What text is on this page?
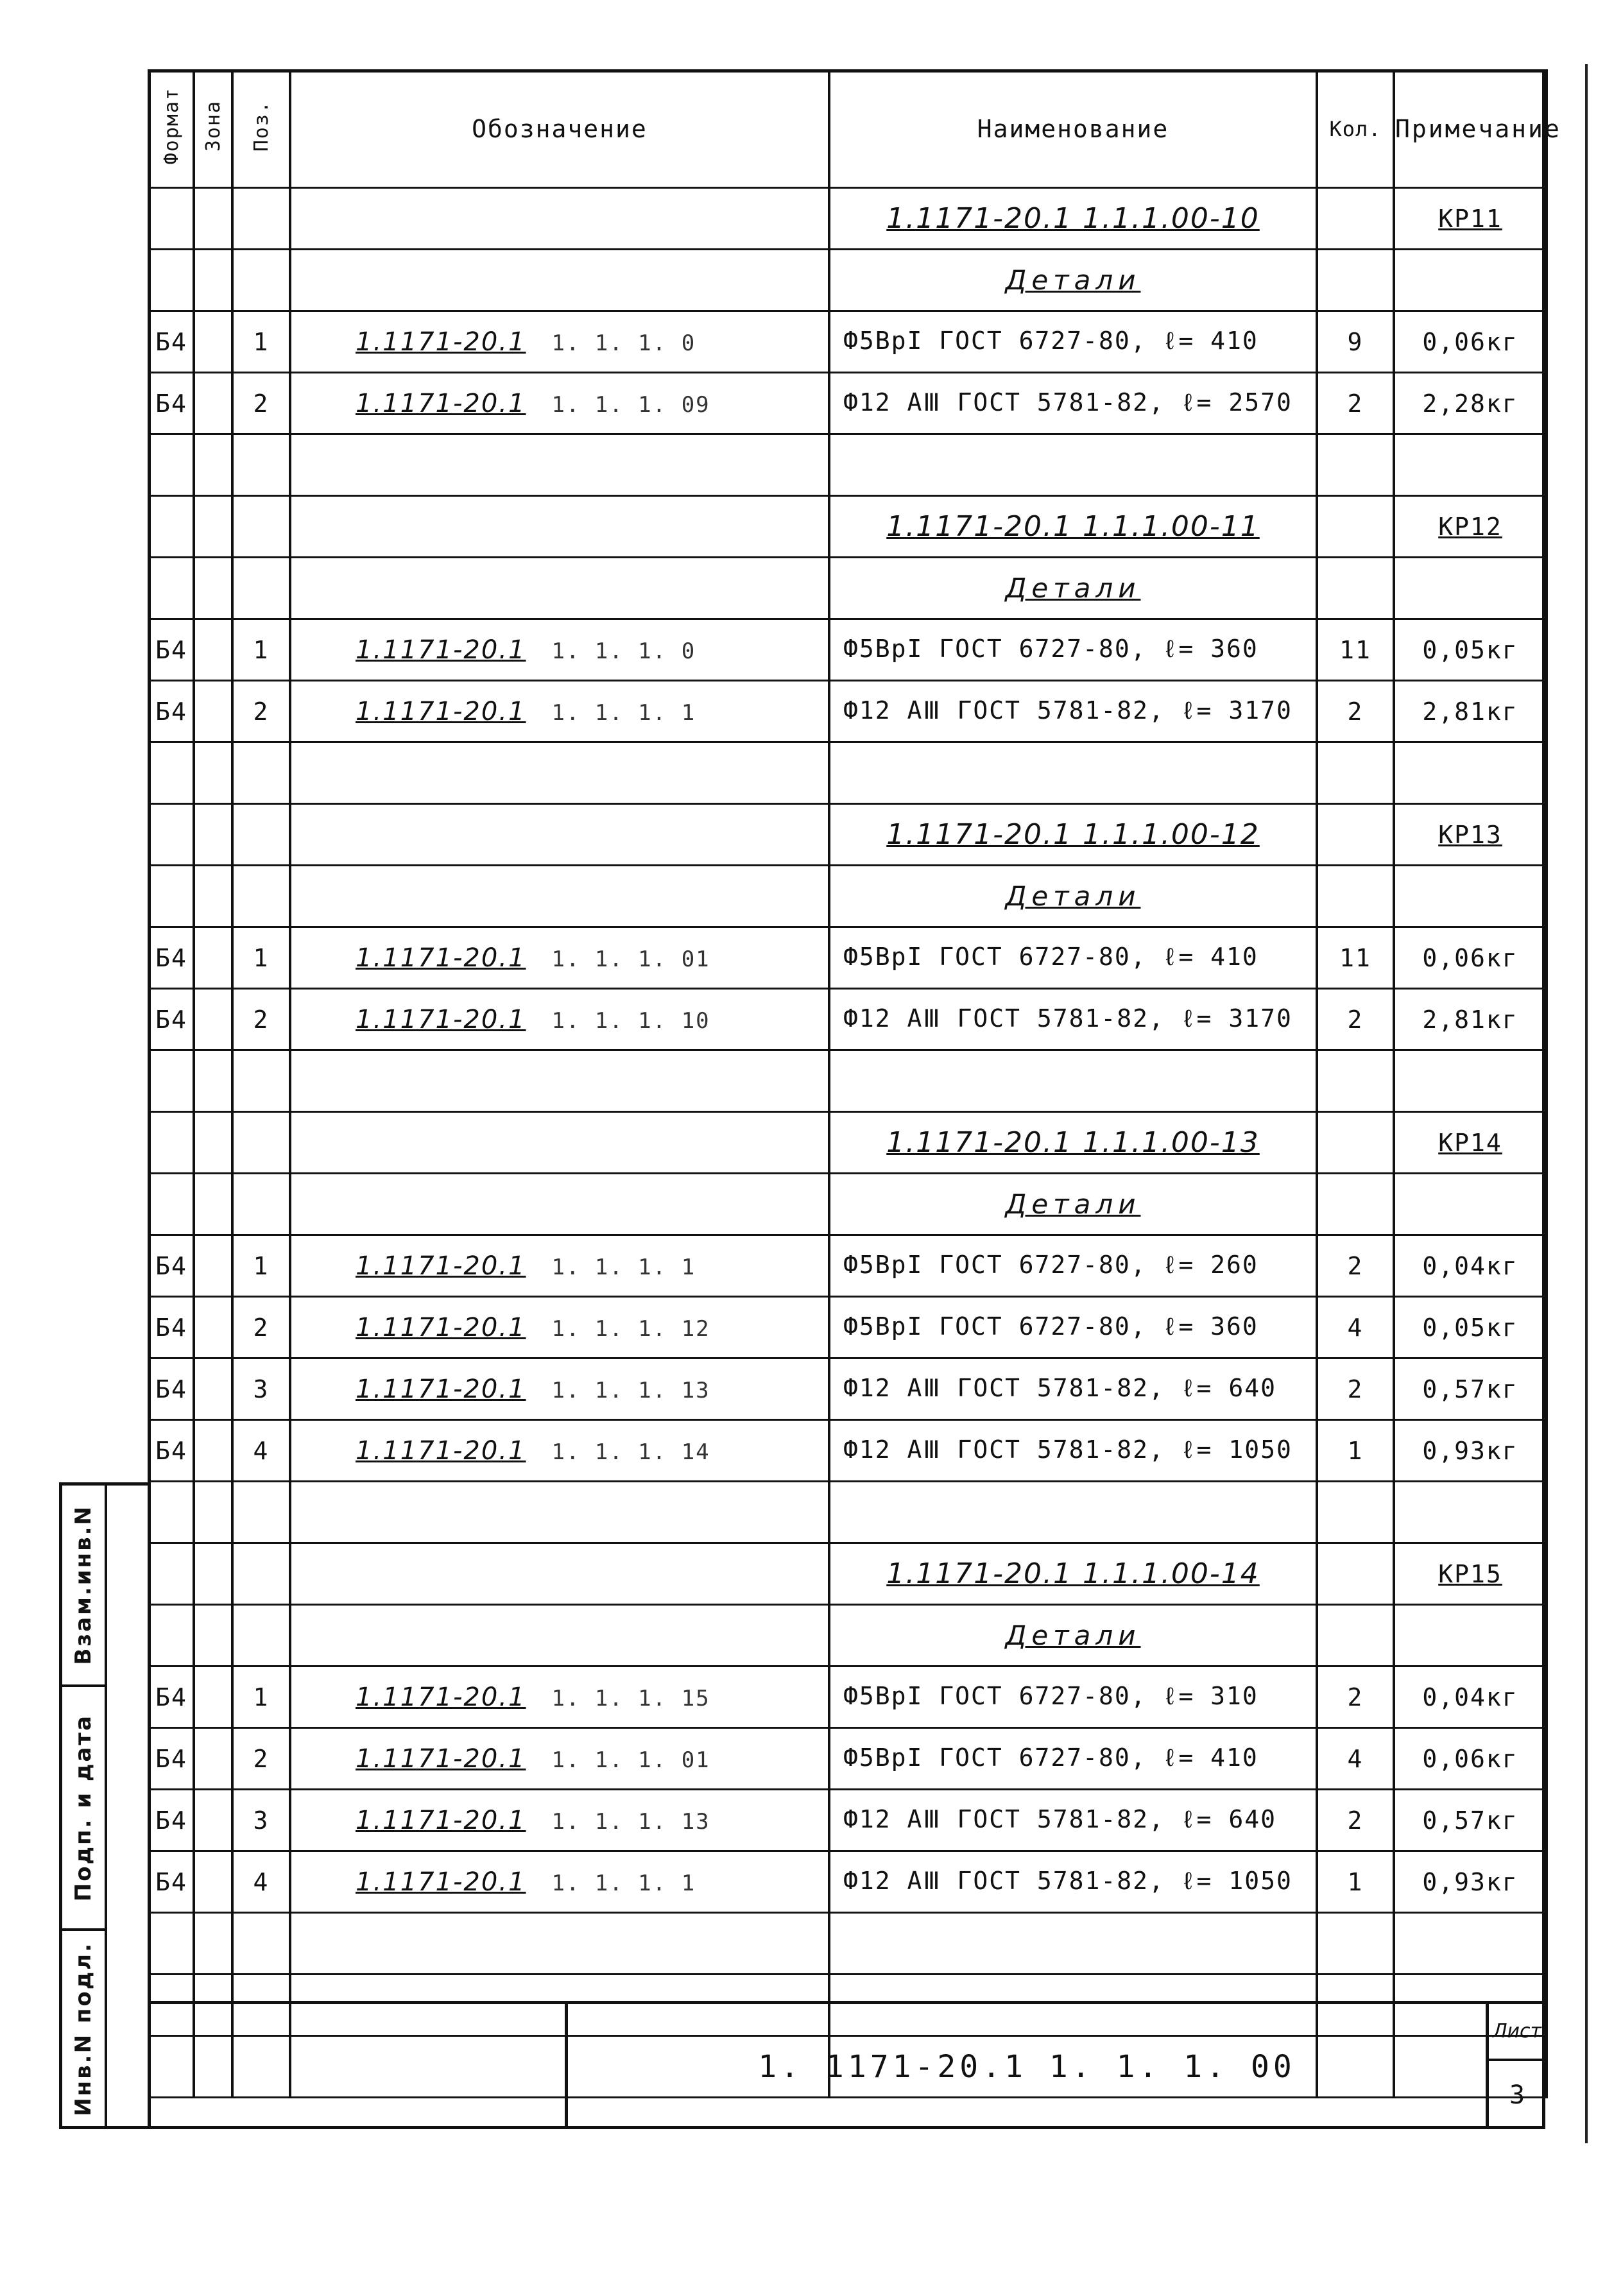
Формат	Зона	Поз.	Обозначение	Наименование	Кол.	Примечание
				1.1171-20.1 1.1.1.00-10		КР11
				Детали		
Б4		1	1.1171-20.1 1. 1. 1. 0	Ф5ВрI ГОСТ 6727-80, ℓ= 410	9	0,06кг
Б4		2	1.1171-20.1 1. 1. 1. 09	Ф12 АⅢ ГОСТ 5781-82, ℓ= 2570	2	2,28кг

				1.1171-20.1 1.1.1.00-11		КР12
				Детали		
Б4		1	1.1171-20.1 1. 1. 1. 0	Ф5ВрI ГОСТ 6727-80, ℓ= 360	11	0,05кг
Б4		2	1.1171-20.1 1. 1. 1. 1	Ф12 АⅢ ГОСТ 5781-82, ℓ= 3170	2	2,81кг

				1.1171-20.1 1.1.1.00-12		КР13
				Детали		
Б4		1	1.1171-20.1 1. 1. 1. 01	Ф5ВрI ГОСТ 6727-80, ℓ= 410	11	0,06кг
Б4		2	1.1171-20.1 1. 1. 1. 10	Ф12 АⅢ ГОСТ 5781-82, ℓ= 3170	2	2,81кг

				1.1171-20.1 1.1.1.00-13		КР14
				Детали		
Б4		1	1.1171-20.1 1. 1. 1. 1	Ф5ВрI ГОСТ 6727-80, ℓ= 260	2	0,04кг
Б4		2	1.1171-20.1 1. 1. 1. 12	Ф5ВрI ГОСТ 6727-80, ℓ= 360	4	0,05кг
Б4		3	1.1171-20.1 1. 1. 1. 13	Ф12 АⅢ ГОСТ 5781-82, ℓ= 640	2	0,57кг
Б4		4	1.1171-20.1 1. 1. 1. 14	Ф12 АⅢ ГОСТ 5781-82, ℓ= 1050	1	0,93кг

				1.1171-20.1 1.1.1.00-14		КР15
				Детали		
Б4		1	1.1171-20.1 1. 1. 1. 15	Ф5ВрI ГОСТ 6727-80, ℓ= 310	2	0,04кг
Б4		2	1.1171-20.1 1. 1. 1. 01	Ф5ВрI ГОСТ 6727-80, ℓ= 410	4	0,06кг
Б4		3	1.1171-20.1 1. 1. 1. 13	Ф12 АⅢ ГОСТ 5781-82, ℓ= 640	2	0,57кг
Б4		4	1.1171-20.1 1. 1. 1. 1	Ф12 АⅢ ГОСТ 5781-82, ℓ= 1050	1	0,93кг

Взам.инв.N
Подп. и дата
Инв.N подл.	1. 1171-20.1 1. 1. 1. 00
Лист
3
